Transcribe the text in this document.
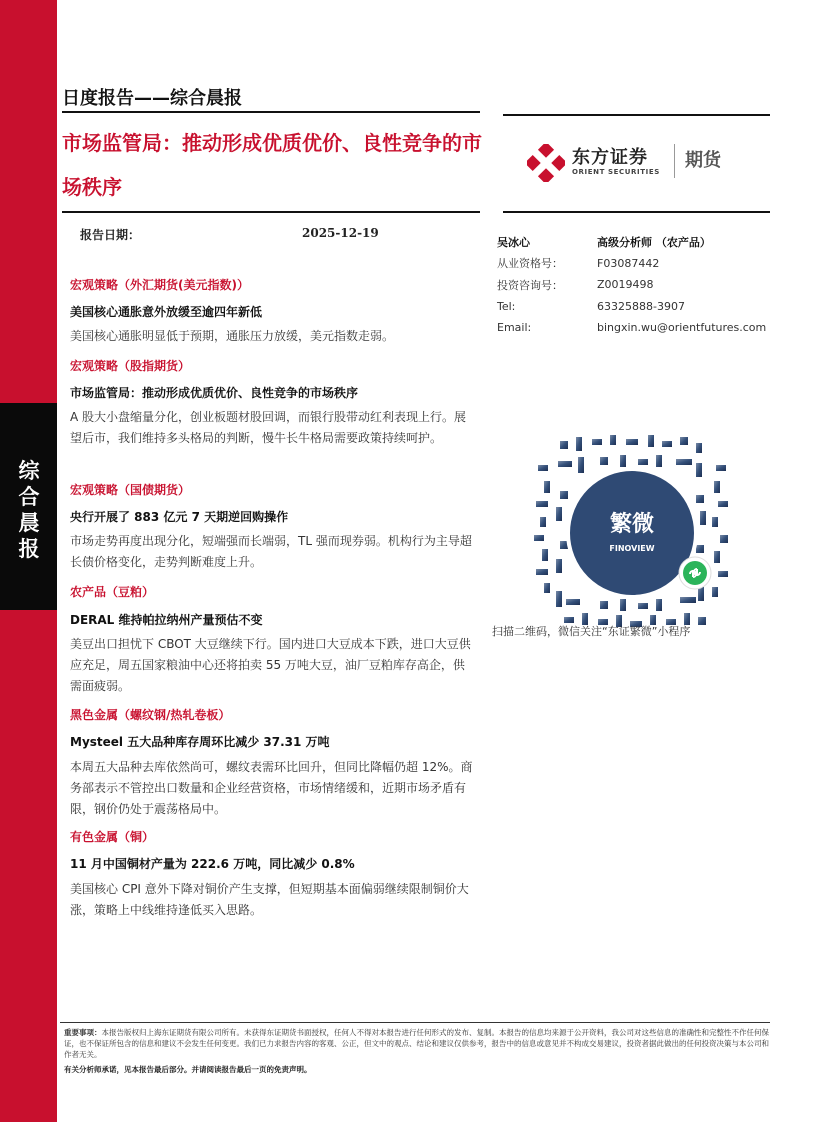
综合晨报
日度报告——综合晨报
市场监管局：推动形成优质优价、良性竞争的市场秩序
东方证券
ORIENT SECURITIES
期货
报告日期：	2025-12-19
吴冰心	高级分析师 （农产品）
从业资格号：	F03087442
投资咨询号：	Z0019498
Tel:	63325888-3907
Email:	bingxin.wu@orientfutures.com
繁微
FINOVIEW
扫描二维码，微信关注“东证繁微”小程序
宏观策略（外汇期货(美元指数)）
美国核心通胀意外放缓至逾四年新低
美国核心通胀明显低于预期，通胀压力放缓，美元指数走弱。
宏观策略（股指期货）
市场监管局：推动形成优质优价、良性竞争的市场秩序
A 股大小盘缩量分化，创业板题材股回调，而银行股带动红利表现上行。展望后市，我们维持多头格局的判断，慢牛长牛格局需要政策持续呵护。
宏观策略（国债期货）
央行开展了 883 亿元 7 天期逆回购操作
市场走势再度出现分化，短端强而长端弱，TL 强而现券弱。机构行为主导超长债价格变化，走势判断难度上升。
农产品（豆粕）
DERAL 维持帕拉纳州产量预估不变
美豆出口担忧下 CBOT 大豆继续下行。国内进口大豆成本下跌，进口大豆供应充足，周五国家粮油中心还将拍卖 55 万吨大豆，油厂豆粕库存高企，供需面疲弱。
黑色金属（螺纹钢/热轧卷板）
Mysteel 五大品种库存周环比减少 37.31 万吨
本周五大品种去库依然尚可，螺纹表需环比回升，但同比降幅仍超 12%。商务部表示不管控出口数量和企业经营资格，市场情绪缓和，近期市场矛盾有限，钢价仍处于震荡格局中。
有色金属（铜）
11 月中国铜材产量为 222.6 万吨，同比减少 0.8%
美国核心 CPI 意外下降对铜价产生支撑，但短期基本面偏弱继续限制铜价大涨，策略上中线维持逢低买入思路。
重要事项：本报告版权归上海东证期货有限公司所有。未获得东证期货书面授权，任何人不得对本报告进行任何形式的发布、复制。本报告的信息均来源于公开资料，我公司对这些信息的准确性和完整性不作任何保证，也不保证所包含的信息和建议不会发生任何变更。我们已力求报告内容的客观、公正，但文中的观点、结论和建议仅供参考，报告中的信息或意见并不构成交易建议，投资者据此做出的任何投资决策与本公司和作者无关。
有关分析师承诺，见本报告最后部分。并请阅读报告最后一页的免责声明。
